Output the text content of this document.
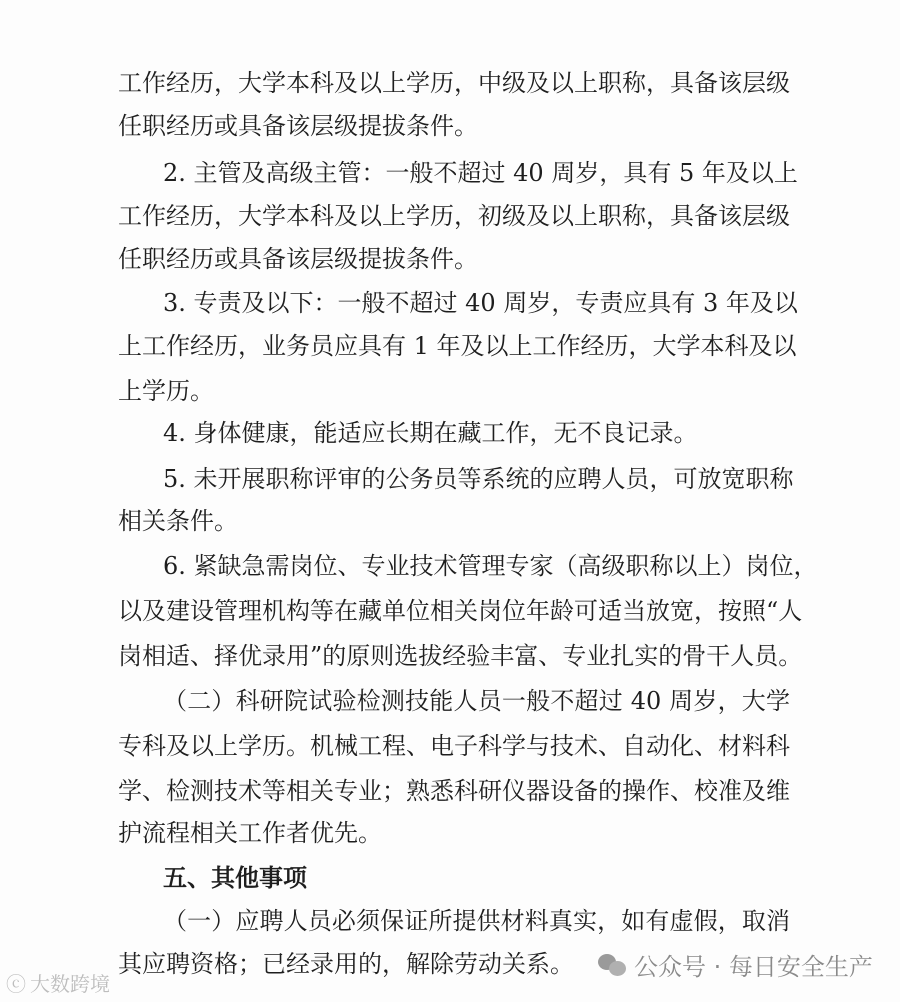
工作经历，大学本科及以上学历，中级及以上职称，具备该层级
任职经历或具备该层级提拔条件。
2. 主管及高级主管：一般不超过 40 周岁，具有 5 年及以上
工作经历，大学本科及以上学历，初级及以上职称，具备该层级
任职经历或具备该层级提拔条件。
3. 专责及以下：一般不超过 40 周岁，专责应具有 3 年及以
上工作经历，业务员应具有 1 年及以上工作经历，大学本科及以
上学历。
4. 身体健康，能适应长期在藏工作，无不良记录。
5. 未开展职称评审的公务员等系统的应聘人员，可放宽职称
相关条件。
6. 紧缺急需岗位、专业技术管理专家（高级职称以上）岗位，
以及建设管理机构等在藏单位相关岗位年龄可适当放宽，按照“人
岗相适、择优录用”的原则选拔经验丰富、专业扎实的骨干人员。
（二）科研院试验检测技能人员一般不超过 40 周岁，大学
专科及以上学历。机械工程、电子科学与技术、自动化、材料科
学、检测技术等相关专业；熟悉科研仪器设备的操作、校准及维
护流程相关工作者优先。
五、其他事项
（一）应聘人员必须保证所提供材料真实，如有虚假，取消
其应聘资格；已经录用的，解除劳动关系。	公众号 · 每日安全生产
ⓒ 大数跨境
